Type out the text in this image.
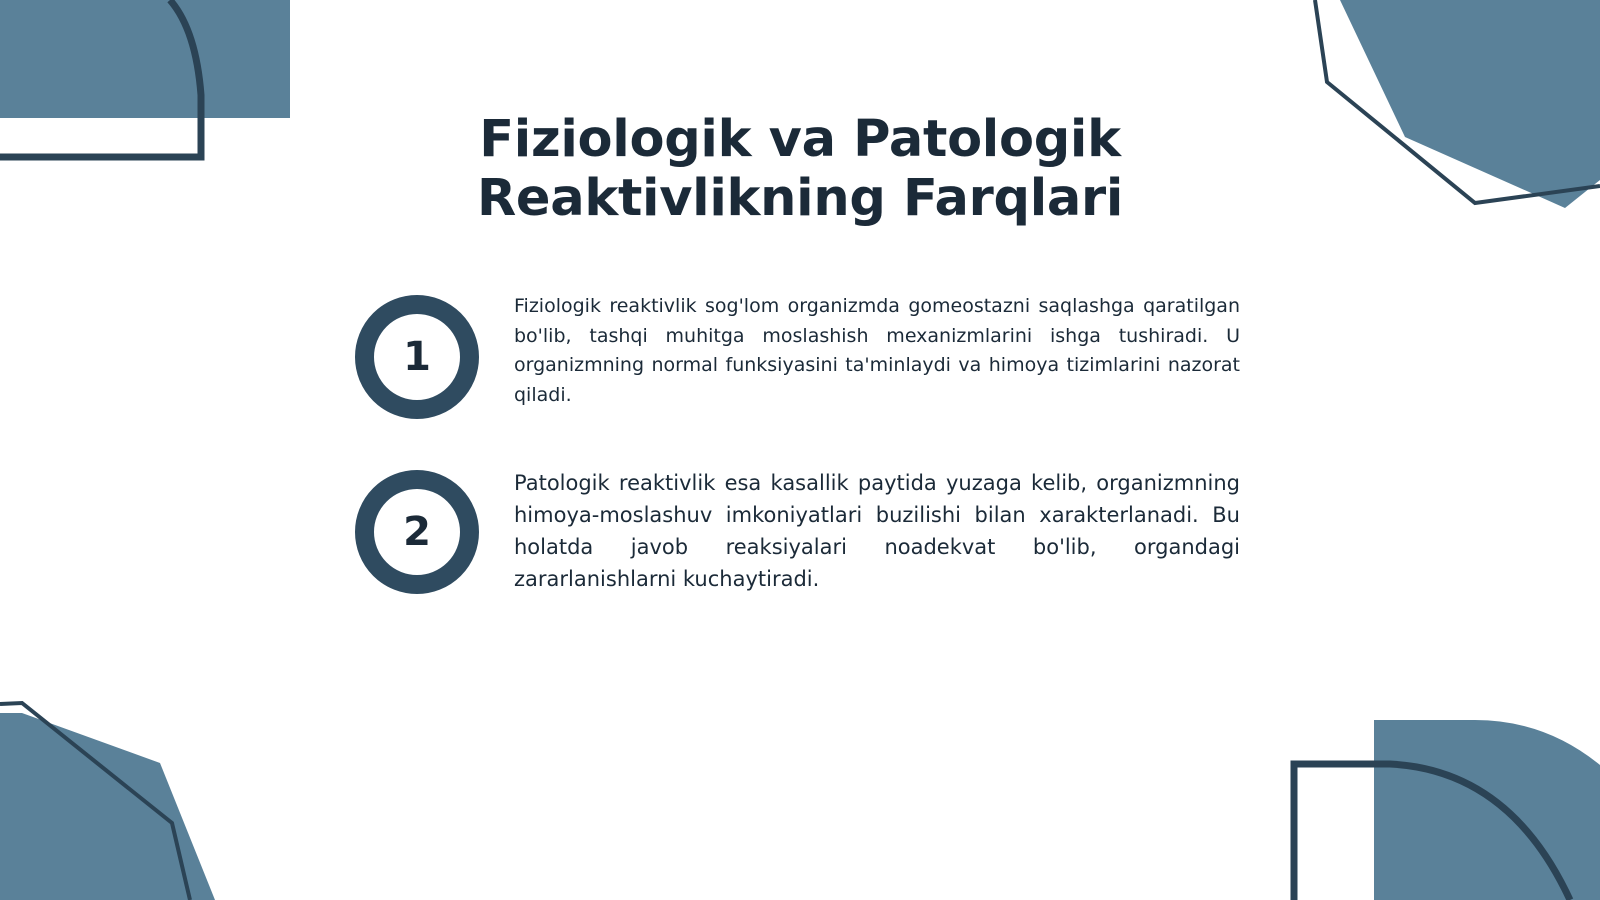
Fiziologik va Patologik
Reaktivlikning Farqlari
1

Fiziologik reaktivlik sog'lom organizmda gomeostazni saqlashga qaratilgan bo'lib, tashqi muhitga moslashish mexanizmlarini ishga tushiradi. U organizmning normal funksiyasini ta'minlaydi va himoya tizimlarini nazorat qiladi.

2

Patologik reaktivlik esa kasallik paytida yuzaga kelib, organizmning himoya-moslashuv imkoniyatlari buzilishi bilan xarakterlanadi. Bu holatda javob reaksiyalari noadekvat bo'lib, organdagi zararlanishlarni kuchaytiradi.
